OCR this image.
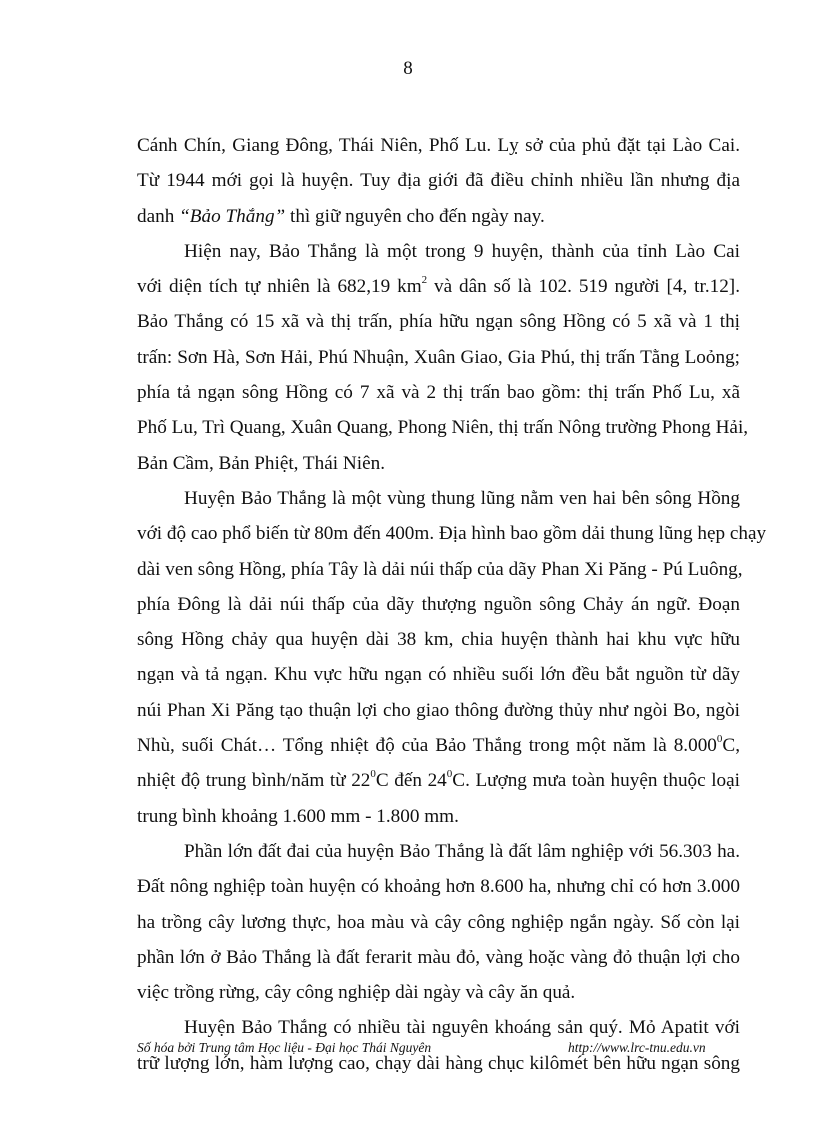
8
Cánh Chín, Giang Đông, Thái Niên, Phố Lu. Lỵ sở của phủ đặt tại Lào Cai.
Từ 1944 mới gọi là huyện. Tuy địa giới đã điều chỉnh nhiều lần nhưng địa
danh “Bảo Thắng” thì giữ nguyên cho đến ngày nay.
Hiện nay, Bảo Thắng là một trong 9 huyện, thành của tỉnh Lào Cai
với diện tích tự nhiên là 682,19 $km^2$ và dân số là 102. 519 người [4, tr.12].
Bảo Thắng có 15 xã và thị trấn, phía hữu ngạn sông Hồng có 5 xã và 1 thị
trấn: Sơn Hà, Sơn Hải, Phú Nhuận, Xuân Giao, Gia Phú, thị trấn Tằng Loỏng;
phía tả ngạn sông Hồng có 7 xã và 2 thị trấn bao gồm: thị trấn Phố Lu, xã
Phố Lu, Trì Quang, Xuân Quang, Phong Niên, thị trấn Nông trường Phong Hải,
Bản Cầm, Bản Phiệt, Thái Niên.
Huyện Bảo Thắng là một vùng thung lũng nằm ven hai bên sông Hồng
với độ cao phổ biến từ 80m đến 400m. Địa hình bao gồm dải thung lũng hẹp chạy
dài ven sông Hồng, phía Tây là dải núi thấp của dãy Phan Xi Păng - Pú Luông,
phía Đông là dải núi thấp của dãy thượng nguồn sông Chảy án ngữ. Đoạn
sông Hồng chảy qua huyện dài 38 km, chia huyện thành hai khu vực hữu
ngạn và tả ngạn. Khu vực hữu ngạn có nhiều suối lớn đều bắt nguồn từ dãy
núi Phan Xi Păng tạo thuận lợi cho giao thông đường thủy như ngòi Bo, ngòi
Nhù, suối Chát… Tổng nhiệt độ của Bảo Thắng trong một năm là 8.000$^0$C,
nhiệt độ trung bình/năm từ $22^0C$ đến $24^0C$. Lượng mưa toàn huyện thuộc loại
trung bình khoảng 1.600 mm - 1.800 mm.
Phần lớn đất đai của huyện Bảo Thắng là đất lâm nghiệp với 56.303 ha.
Đất nông nghiệp toàn huyện có khoảng hơn 8.600 ha, nhưng chỉ có hơn 3.000
ha trồng cây lương thực, hoa màu và cây công nghiệp ngắn ngày. Số còn lại
phần lớn ở Bảo Thắng là đất ferarit màu đỏ, vàng hoặc vàng đỏ thuận lợi cho
việc trồng rừng, cây công nghiệp dài ngày và cây ăn quả.
Huyện Bảo Thắng có nhiều tài nguyên khoáng sản quý. Mỏ Apatit với
trữ lượng lớn, hàm lượng cao, chạy dài hàng chục kilômét bên hữu ngạn sông
Số hóa bởi Trung tâm Học liệu - Đại học Thái Nguyên	http://www.lrc-tnu.edu.vn
